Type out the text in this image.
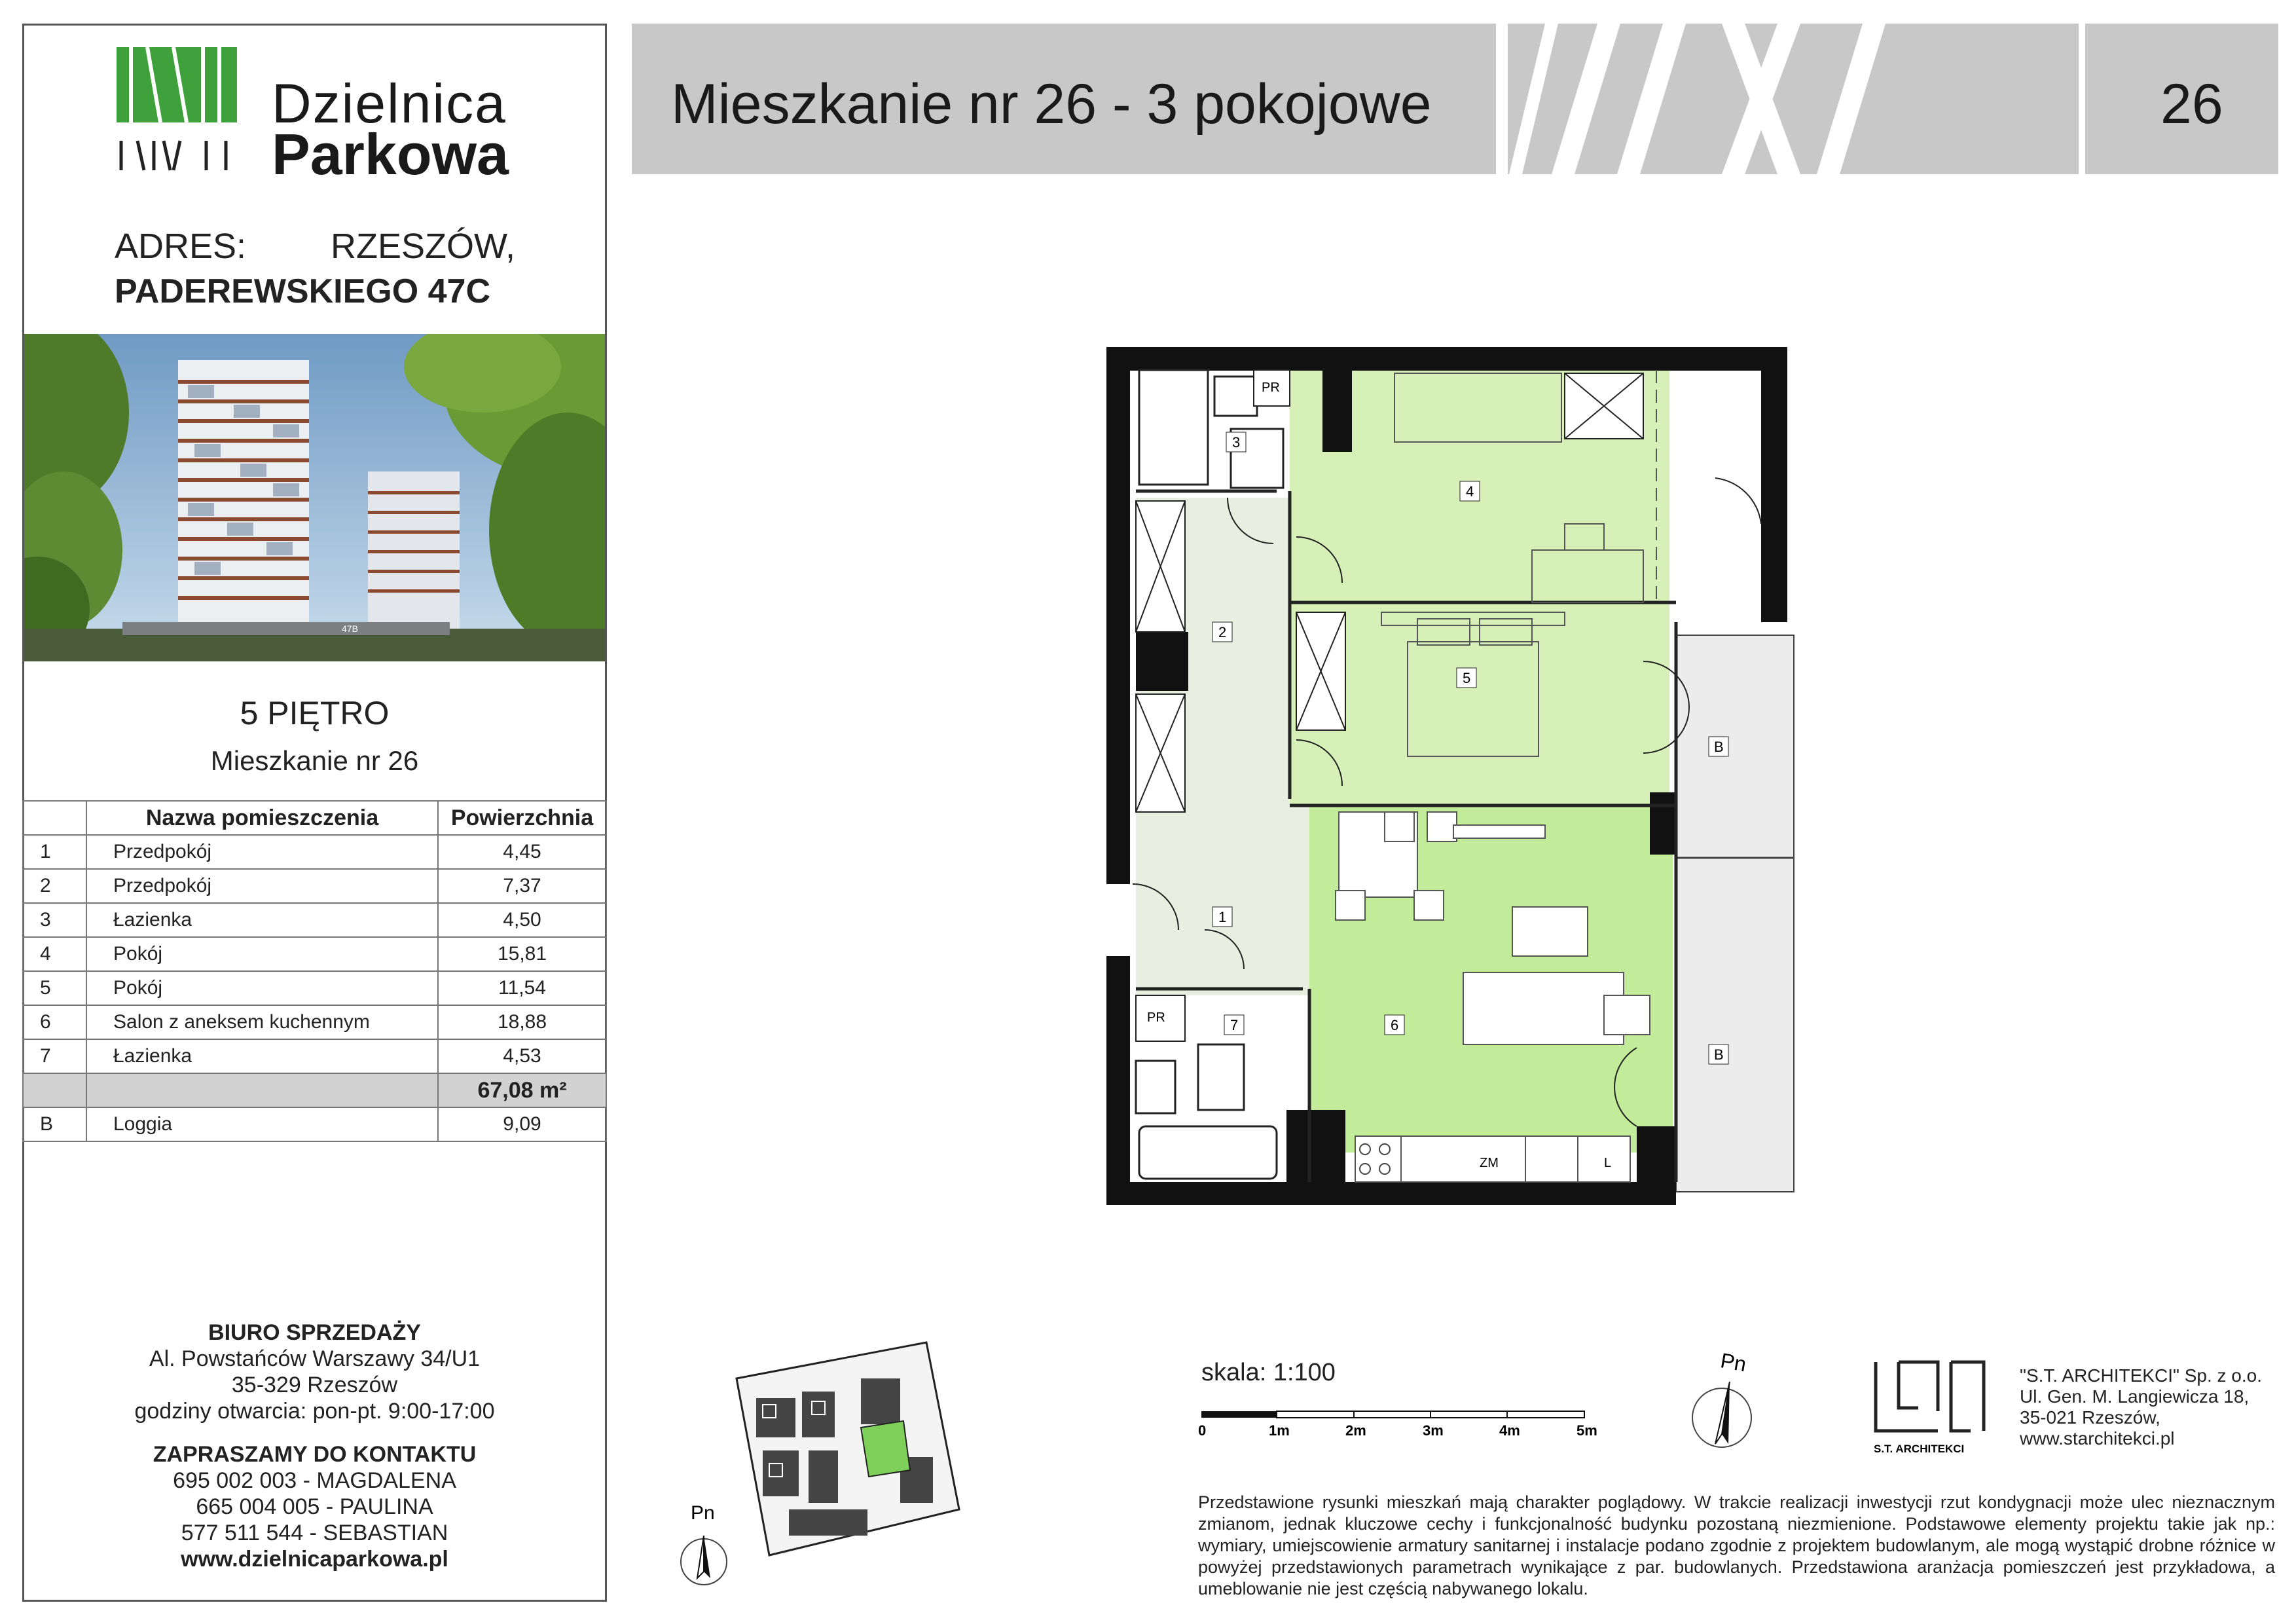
Dzielnica
Parkowa
ADRES: RZESZÓW,
PADEREWSKIEGO 47C
47B
5 PIĘTRO
Mieszkanie nr 26
	Nazwa pomieszczenia	Powierzchnia
1	Przedpokój	4,45
2	Przedpokój	7,37
3	Łazienka	4,50
4	Pokój	15,81
5	Pokój	11,54
6	Salon z aneksem kuchennym	18,88
7	Łazienka	4,53
		67,08 m²
B	Loggia	9,09
BIURO SPRZEDAŻY
Al. Powstańców Warszawy 34/U1
35-329 Rzeszów
godziny otwarcia: pon-pt. 9:00-17:00
ZAPRASZAMY DO KONTAKTU
695 002 003 - MAGDALENA
665 004 005 - PAULINA
577 511 544 - SEBASTIAN
www.dzielnicaparkowa.pl
Mieszkanie nr 26 - 3 pokojowe	26
PR
PR
ZM	L
1
2
3
4
5
6
7
B
B
Pn
skala: 1:100
0	1m	2m	3m	4m	5m
Pn
S.T. ARCHITEKCI
"S.T. ARCHITEKCI" Sp. z o.o.
Ul. Gen. M. Langiewicza 18,
35-021 Rzeszów,
www.starchitekci.pl
Przedstawione rysunki mieszkań mają charakter poglądowy. W trakcie realizacji inwestycji rzut kondygnacji może ulec nieznacznym zmianom, jednak kluczowe cechy i funkcjonalność budynku pozostaną niezmienione. Podstawowe elementy projektu takie jak np.: wymiary, umiejscowienie armatury sanitarnej i instalacje podano zgodnie z projektem budowlanym, ale mogą wystąpić drobne różnice w powyżej przedstawionych parametrach wynikające z par. budowlanych. Przedstawiona aranżacja pomieszczeń jest przykładowa, a umeblowanie nie jest częścią nabywanego lokalu.
